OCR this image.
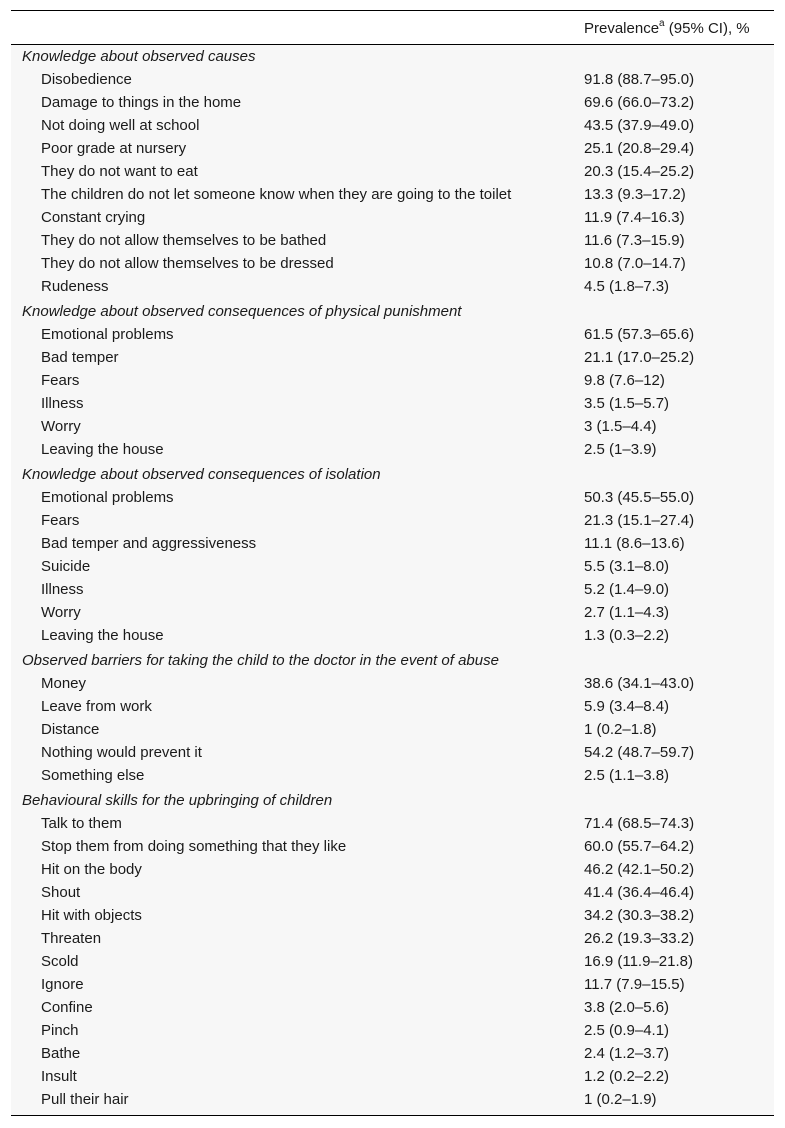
Prevalence$^a$ (95% CI), %
Knowledge about observed causes
Disobedience	91.8 (88.7–95.0)
Damage to things in the home	69.6 (66.0–73.2)
Not doing well at school	43.5 (37.9–49.0)
Poor grade at nursery	25.1 (20.8–29.4)
They do not want to eat	20.3 (15.4–25.2)
The children do not let someone know when they are going to the toilet	13.3 (9.3–17.2)
Constant crying	11.9 (7.4–16.3)
They do not allow themselves to be bathed	11.6 (7.3–15.9)
They do not allow themselves to be dressed	10.8 (7.0–14.7)
Rudeness	4.5 (1.8–7.3)
Knowledge about observed consequences of physical punishment
Emotional problems	61.5 (57.3–65.6)
Bad temper	21.1 (17.0–25.2)
Fears	9.8 (7.6–12)
Illness	3.5 (1.5–5.7)
Worry	3 (1.5–4.4)
Leaving the house	2.5 (1–3.9)
Knowledge about observed consequences of isolation
Emotional problems	50.3 (45.5–55.0)
Fears	21.3 (15.1–27.4)
Bad temper and aggressiveness	11.1 (8.6–13.6)
Suicide	5.5 (3.1–8.0)
Illness	5.2 (1.4–9.0)
Worry	2.7 (1.1–4.3)
Leaving the house	1.3 (0.3–2.2)
Observed barriers for taking the child to the doctor in the event of abuse
Money	38.6 (34.1–43.0)
Leave from work	5.9 (3.4–8.4)
Distance	1 (0.2–1.8)
Nothing would prevent it	54.2 (48.7–59.7)
Something else	2.5 (1.1–3.8)
Behavioural skills for the upbringing of children
Talk to them	71.4 (68.5–74.3)
Stop them from doing something that they like	60.0 (55.7–64.2)
Hit on the body	46.2 (42.1–50.2)
Shout	41.4 (36.4–46.4)
Hit with objects	34.2 (30.3–38.2)
Threaten	26.2 (19.3–33.2)
Scold	16.9 (11.9–21.8)
Ignore	11.7 (7.9–15.5)
Confine	3.8 (2.0–5.6)
Pinch	2.5 (0.9–4.1)
Bathe	2.4 (1.2–3.7)
Insult	1.2 (0.2–2.2)
Pull their hair	1 (0.2–1.9)
